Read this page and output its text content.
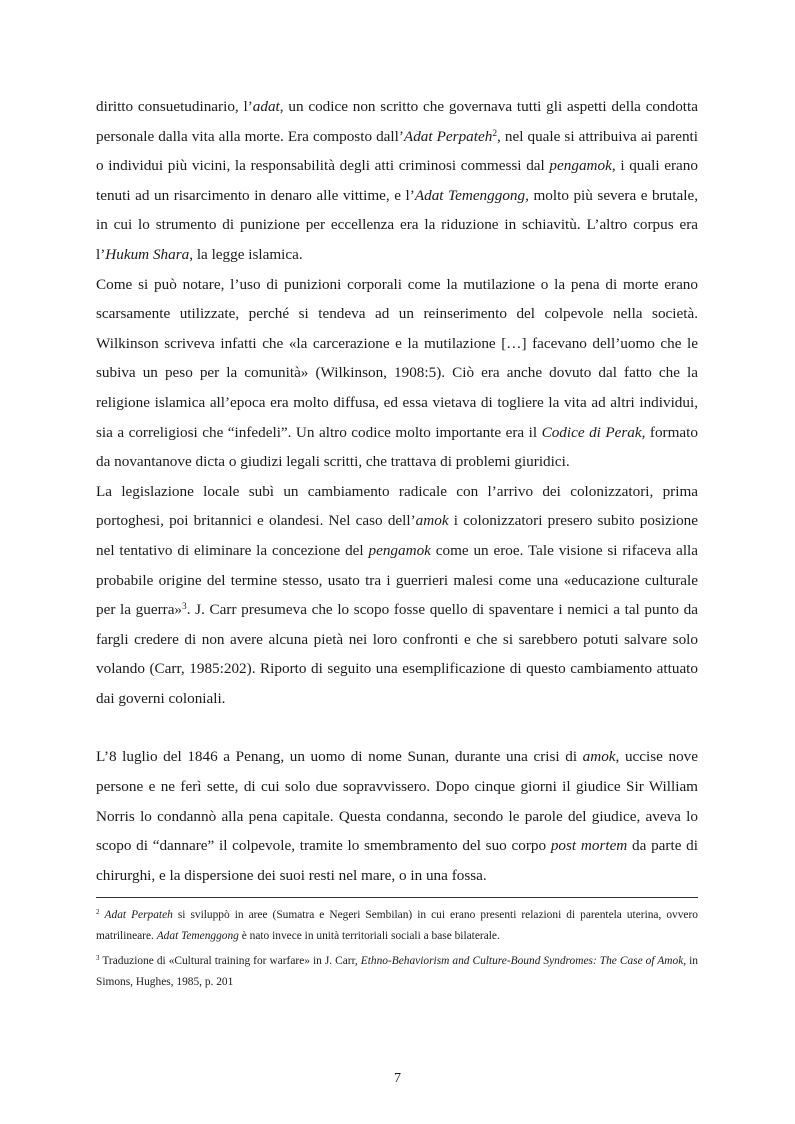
diritto consuetudinario, l’adat, un codice non scritto che governava tutti gli aspetti della condotta personale dalla vita alla morte. Era composto dall’Adat Perpateh$^2$, nel quale si attribuiva ai parenti o individui più vicini, la responsabilità degli atti criminosi commessi dal pengamok, i quali erano tenuti ad un risarcimento in denaro alle vittime, e l’Adat Temenggong, molto più severa e brutale, in cui lo strumento di punizione per eccellenza era la riduzione in schiavitù. L’altro corpus era l’Hukum Shara, la legge islamica.

Come si può notare, l’uso di punizioni corporali come la mutilazione o la pena di morte erano scarsamente utilizzate, perché si tendeva ad un reinserimento del colpevole nella società. Wilkinson scriveva infatti che «la carcerazione e la mutilazione […] facevano dell’uomo che le subiva un peso per la comunità» (Wilkinson, 1908:5). Ciò era anche dovuto dal fatto che la religione islamica all’epoca era molto diffusa, ed essa vietava di togliere la vita ad altri individui, sia a correligiosi che “infedeli”. Un altro codice molto importante era il Codice di Perak, formato da novantanove dicta o giudizi legali scritti, che trattava di problemi giuridici.

La legislazione locale subì un cambiamento radicale con l’arrivo dei colonizzatori, prima portoghesi, poi britannici e olandesi. Nel caso dell’amok i colonizzatori presero subito posizione nel tentativo di eliminare la concezione del pengamok come un eroe. Tale visione si rifaceva alla probabile origine del termine stesso, usato tra i guerrieri malesi come una «educazione culturale per la guerra»$^3$. J. Carr presumeva che lo scopo fosse quello di spaventare i nemici a tal punto da fargli credere di non avere alcuna pietà nei loro confronti e che si sarebbero potuti salvare solo volando (Carr, 1985:202). Riporto di seguito una esemplificazione di questo cambiamento attuato dai governi coloniali.

L’8 luglio del 1846 a Penang, un uomo di nome Sunan, durante una crisi di amok, uccise nove persone e ne ferì sette, di cui solo due sopravvissero. Dopo cinque giorni il giudice Sir William Norris lo condannò alla pena capitale. Questa condanna, secondo le parole del giudice, aveva lo scopo di “dannare” il colpevole, tramite lo smembramento del suo corpo post mortem da parte di chirurghi, e la dispersione dei suoi resti nel mare, o in una fossa.

$^2$ Adat Perpateh si sviluppò in aree (Sumatra e Negeri Sembilan) in cui erano presenti relazioni di parentela uterina, ovvero matrilineare. Adat Temenggong è nato invece in unità territoriali sociali a base bilaterale.

$^3$ Traduzione di «Cultural training for warfare» in J. Carr, Ethno-Behaviorism and Culture-Bound Syndromes: The Case of Amok, in Simons, Hughes, 1985, p. 201

7
